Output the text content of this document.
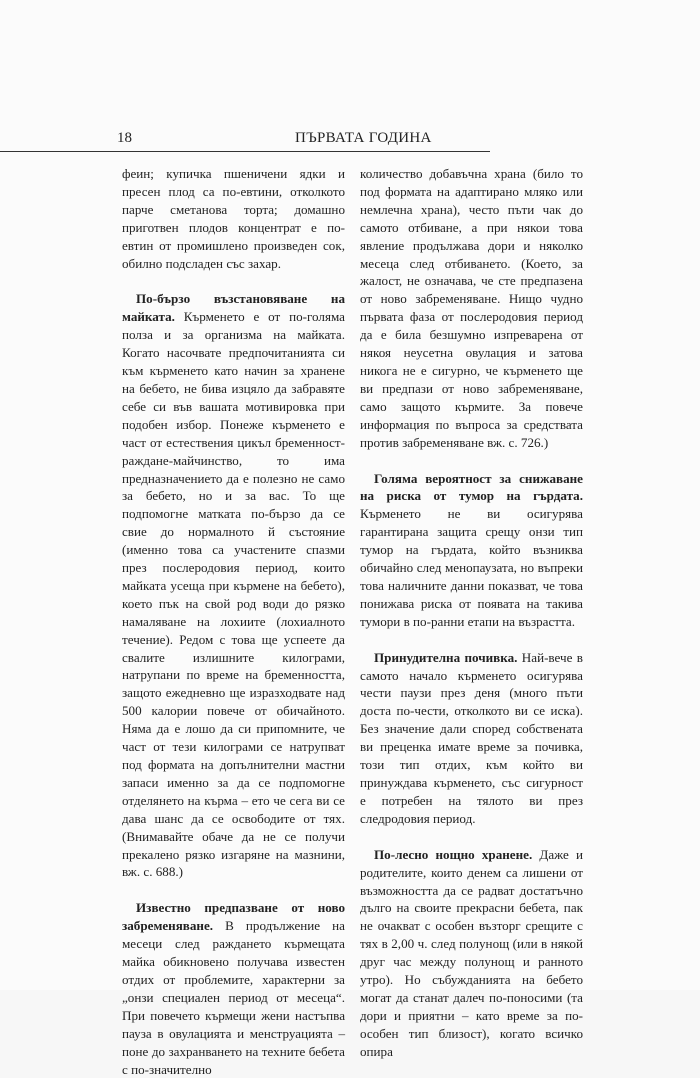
18	ПЪРВАТА ГОДИНА

феин; купичка пшеничени ядки и пресен плод са по-евтини, отколкото парче сметанова торта; домашно приготвен плодов концентрат е по-евтин от промишлено произведен сок, обилно подсладен със захар.

По-бързо възстановяване на майката. Кърменето е от по-голяма полза и за организма на майката. Когато насочвате предпочитанията си към кърменето като начин за хранене на бебето, не бива изцяло да забравяте себе си във вашата мотивировка при подобен избор. Понеже кърменето е част от естествения цикъл бременност-раждане-майчинство, то има предназначението да е полезно не само за бебето, но и за вас. То ще подпомогне матката по-бързо да се свие до нормалното й състояние (именно това са участените спазми през послеродовия период, които майката усеща при кърмене на бебето), което пък на свой род води до рязко намаляване на лохиите (лохиалното течение). Редом с това ще успеете да свалите излишните килограми, натрупани по време на бременността, защото ежедневно ще изразходвате над 500 калории повече от обичайното. Няма да е лошо да си припомните, че част от тези килограми се натрупват под формата на допълнителни мастни запаси именно за да се подпомогне отделянето на кърма – ето че сега ви се дава шанс да се освободите от тях. (Внимавайте обаче да не се получи прекалено рязко изгаряне на мазнини, вж. с. 688.)

Известно предпазване от ново забременяване. В продължение на месеци след раждането кърмещата майка обикновено получава известен отдих от проблемите, характерни за „онзи специален период от месеца“. При повечето кърмещи жени настъпва пауза в овулацията и менструацията – поне до захранването на техните бебета с по-значително

количество добавъчна храна (било то под формата на адаптирано мляко или немлечна храна), често пъти чак до самото отбиване, а при някои това явление продължава дори и няколко месеца след отбиването. (Което, за жалост, не означава, че сте предпазена от ново забременяване. Нищо чудно първата фаза от послеродовия период да е била безшумно изпреварена от някоя неусетна овулация и затова никога не е сигурно, че кърменето ще ви предпази от ново забременяване, само защото кърмите. За повече информация по въпроса за средствата против забременяване вж. с. 726.)

Голяма вероятност за снижаване на риска от тумор на гърдата. Кърменето не ви осигурява гарантирана защита срещу онзи тип тумор на гърдата, който възниква обичайно след менопаузата, но въпреки това наличните данни показват, че това понижава риска от появата на такива тумори в по-ранни етапи на възрастта.

Принудителна почивка. Най-вече в самото начало кърменето осигурява чести паузи през деня (много пъти доста по-чести, отколкото ви се иска). Без значение дали според собствената ви преценка имате време за почивка, този тип отдих, към който ви принуждава кърменето, със сигурност е потребен на тялото ви през следродовия период.

По-лесно нощно хранене. Даже и родителите, които денем са лишени от възможността да се радват достатъчно дълго на своите прекрасни бебета, пак не очакват с особен възторг срещите с тях в 2,00 ч. след полунощ (или в някой друг час между полунощ и ранното утро). Но събужданията на бебето могат да станат далеч по-поносими (та дори и приятни – като време за по-особен тип близост), когато всичко опира
